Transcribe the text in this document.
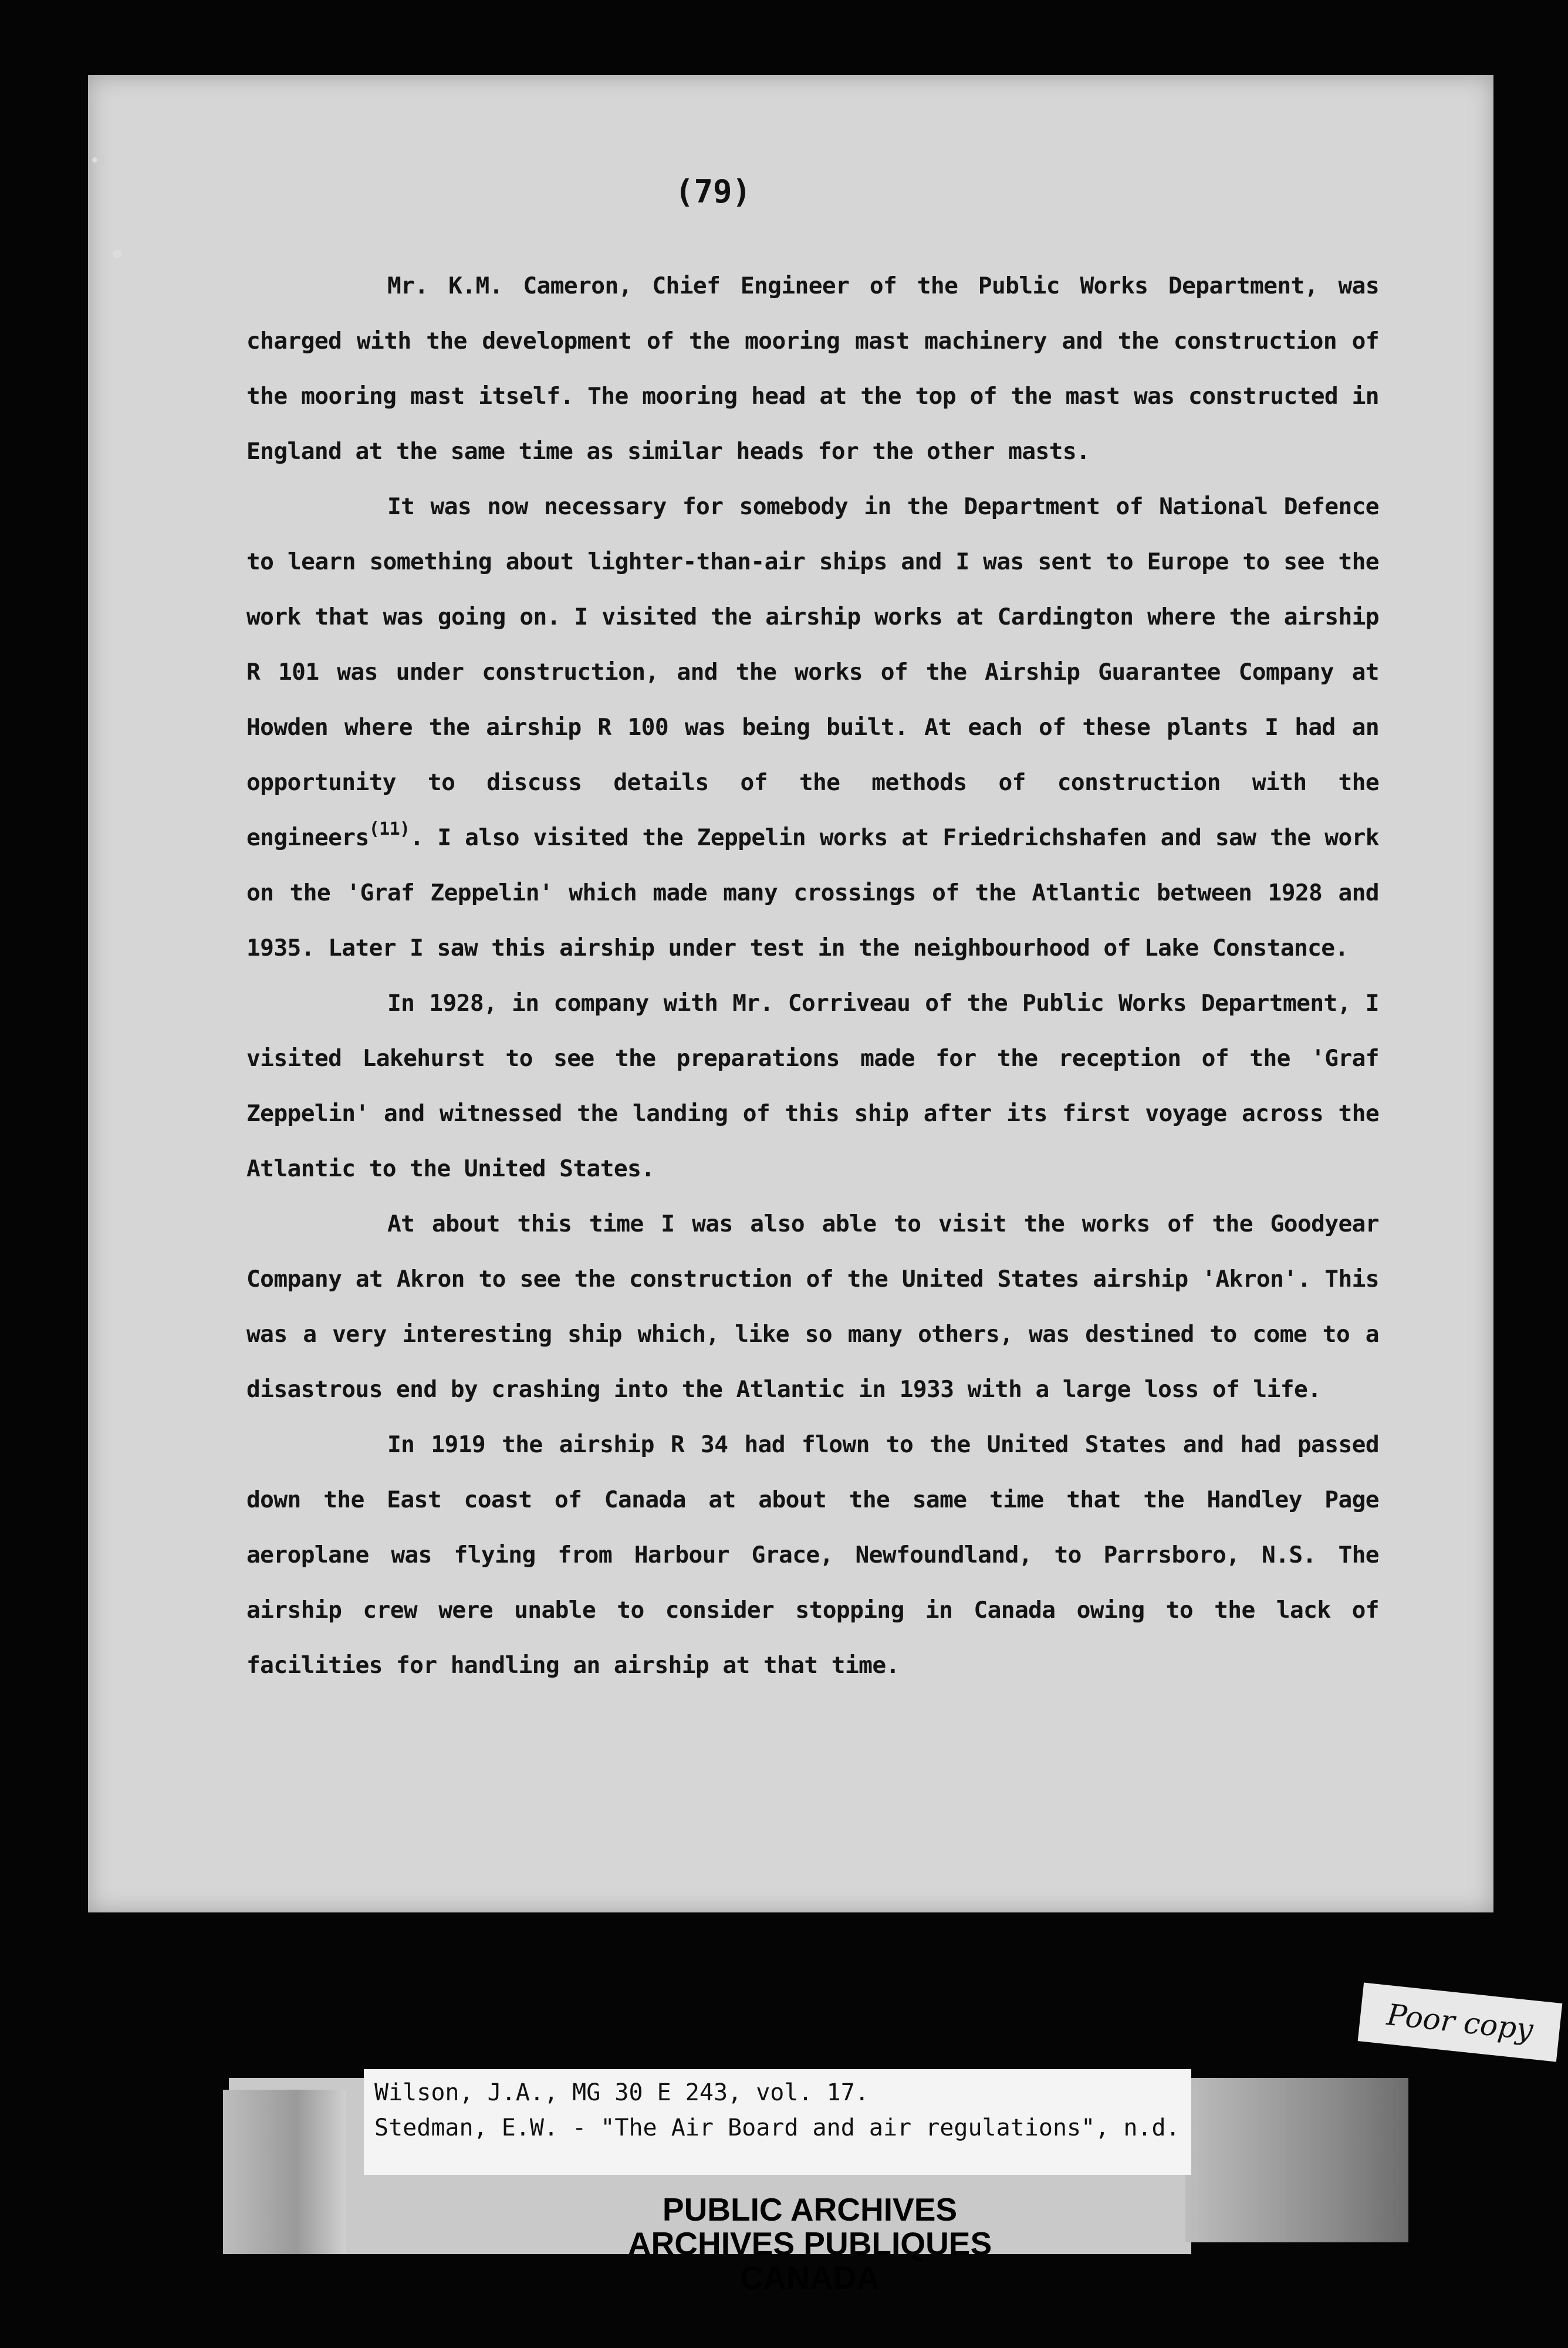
(79)

Mr. K.M. Cameron, Chief Engineer of the Public Works Department, was charged with the development of the mooring mast machinery and the construction of the mooring mast itself. The mooring head at the top of the mast was constructed in England at the same time as similar heads for the other masts.

It was now necessary for somebody in the Department of National Defence to learn something about lighter-than-air ships and I was sent to Europe to see the work that was going on. I visited the airship works at Cardington where the airship R 101 was under construction, and the works of the Airship Guarantee Company at Howden where the airship R 100 was being built. At each of these plants I had an opportunity to discuss details of the methods of construction with the engineers$^{(11)}$. I also visited the Zeppelin works at Friedrichshafen and saw the work on the 'Graf Zeppelin' which made many crossings of the Atlantic between 1928 and 1935. Later I saw this airship under test in the neighbourhood of Lake Constance.

In 1928, in company with Mr. Corriveau of the Public Works Department, I visited Lakehurst to see the preparations made for the reception of the 'Graf Zeppelin' and witnessed the landing of this ship after its first voyage across the Atlantic to the United States.

At about this time I was also able to visit the works of the Goodyear Company at Akron to see the construction of the United States airship 'Akron'. This was a very interesting ship which, like so many others, was destined to come to a disastrous end by crashing into the Atlantic in 1933 with a large loss of life.

In 1919 the airship R 34 had flown to the United States and had passed down the East coast of Canada at about the same time that the Handley Page aeroplane was flying from Harbour Grace, Newfoundland, to Parrsboro, N.S. The airship crew were unable to consider stopping in Canada owing to the lack of facilities for handling an airship at that time.

Wilson, J.A., MG 30 E 243, vol. 17.
Stedman, E.W. - "The Air Board and air regulations", n.d.
PUBLIC ARCHIVES
ARCHIVES PUBLIQUES
CANADA
Poor copy
